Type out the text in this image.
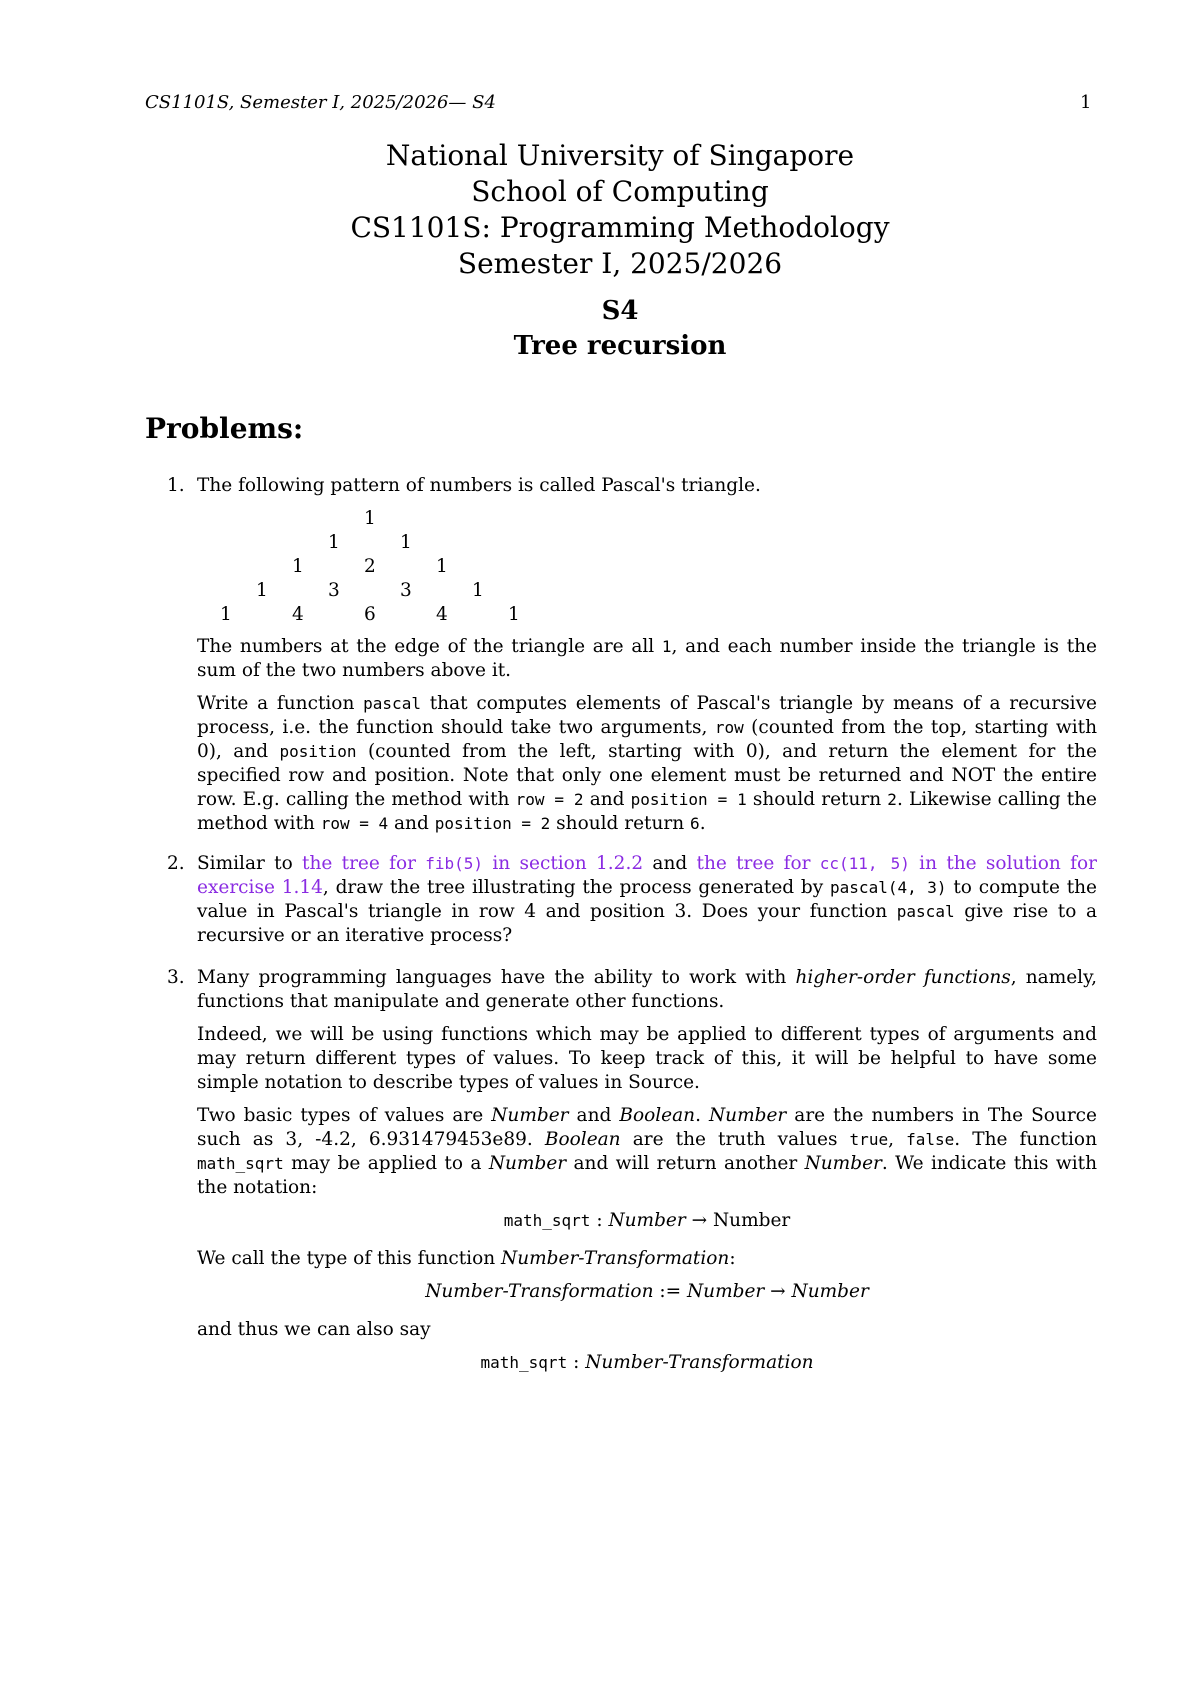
CS1101S, Semester I, 2025/2026— S4	1
National University of Singapore
School of Computing
CS1101S: Programming Methodology
Semester I, 2025/2026
S4
Tree recursion
Problems:
1. The following pattern of numbers is called Pascal's triangle.

1
1	1
1	2	1
1	3	3	1
1	4	6	4	1

The numbers at the edge of the triangle are all 1, and each number inside the triangle is the sum of the two numbers above it.

Write a function pascal that computes elements of Pascal's triangle by means of a recursive process, i.e. the function should take two arguments, row (counted from the top, starting with 0), and position (counted from the left, starting with 0), and return the element for the specified row and position. Note that only one element must be returned and NOT the entire row. E.g. calling the method with row = 2 and position = 1 should return 2. Likewise calling the method with row = 4 and position = 2 should return 6.

2. Similar to the tree for fib(5) in section 1.2.2 and the tree for cc(11, 5) in the solution for exercise 1.14, draw the tree illustrating the process generated by pascal(4, 3) to compute the value in Pascal's triangle in row 4 and position 3. Does your function pascal give rise to a recursive or an iterative process?

3. Many programming languages have the ability to work with higher-order functions, namely, functions that manipulate and generate other functions.

Indeed, we will be using functions which may be applied to different types of arguments and may return different types of values. To keep track of this, it will be helpful to have some simple notation to describe types of values in Source.

Two basic types of values are Number and Boolean. Number are the numbers in The Source such as 3, -4.2, 6.931479453e89. Boolean are the truth values true, false. The function math_sqrt may be applied to a Number and will return another Number. We indicate this with the notation:

math_sqrt : Number → Number

We call the type of this function Number-Transformation:

Number-Transformation := Number → Number

and thus we can also say

math_sqrt : Number-Transformation
